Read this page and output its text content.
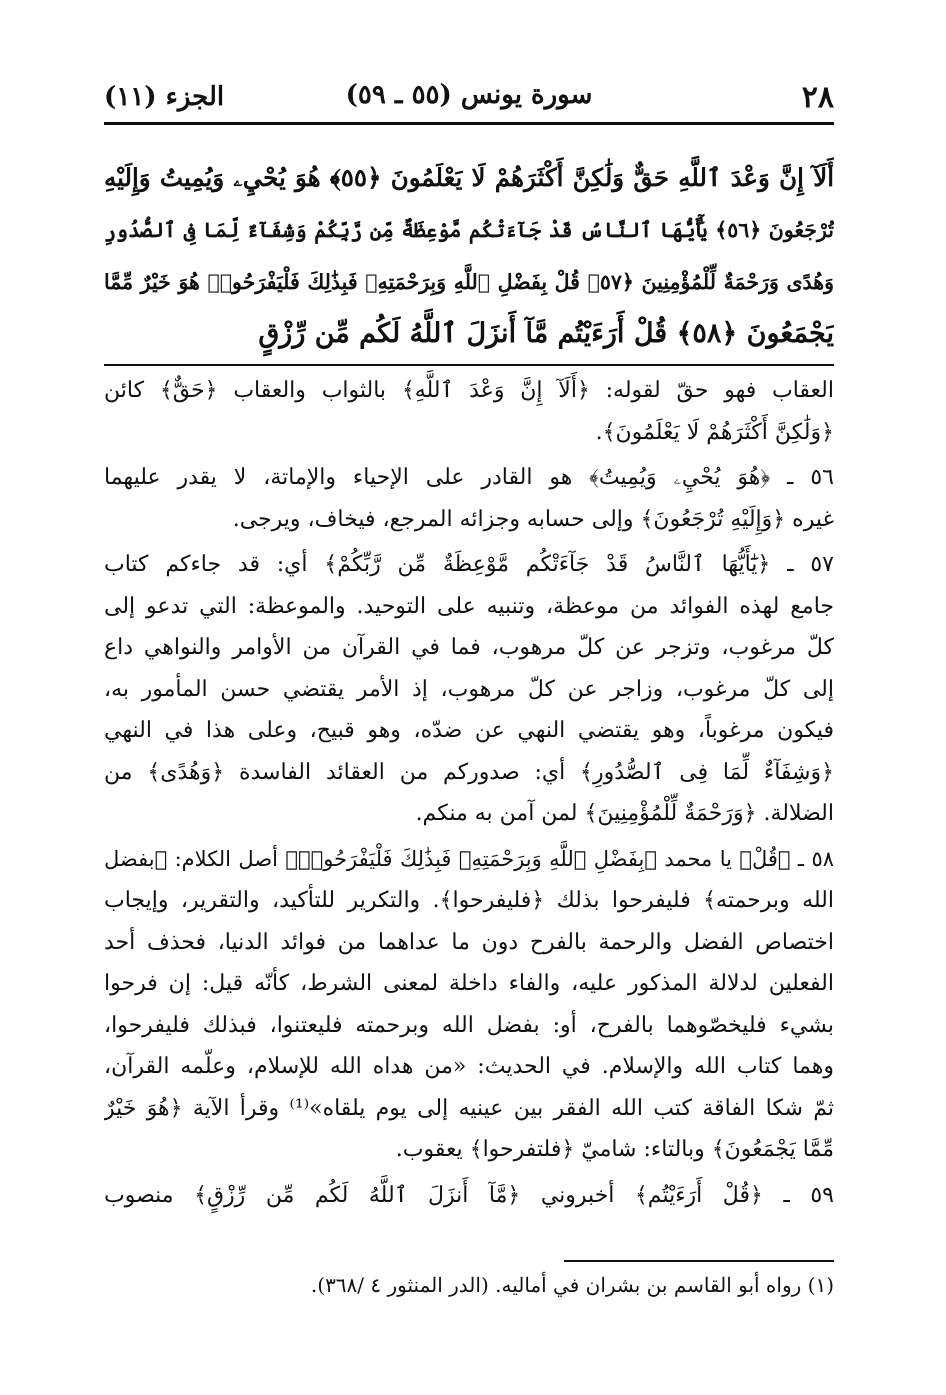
٢٨
سورة يونس (٥٥ ـ ٥٩)
الجزء (١١)
أَلَآ إِنَّ وَعْدَ ٱللَّهِ حَقٌّ وَلَٰكِنَّ أَكْثَرَهُمْ لَا يَعْلَمُونَ ﴿٥٥﴾ هُوَ يُحْيِۦ وَيُمِيتُ وَإِلَيْهِ
تُرْجَعُونَ ﴿٥٦﴾ يَٰٓأَيُّهَا ٱلنَّاسُ قَدْ جَآءَتْكُم مَّوْعِظَةٌ مِّن رَّبِّكُمْ وَشِفَآءٌ لِّمَا فِى ٱلصُّدُورِ
وَهُدًى وَرَحْمَةٌ لِّلْمُؤْمِنِينَ ﴿٥٧﴾ قُلْ بِفَضْلِ ٱللَّهِ وَبِرَحْمَتِهِۦ فَبِذَٰلِكَ فَلْيَفْرَحُوا۟ هُوَ خَيْرٌ مِّمَّا
يَجْمَعُونَ ﴿٥٨﴾ قُلْ أَرَءَيْتُم مَّآ أَنزَلَ ٱللَّهُ لَكُم مِّن رِّزْقٍ
العقاب فهو حقّ لقوله: ﴿أَلَآ إِنَّ وَعْدَ ٱللَّهِ﴾ بالثواب والعقاب ﴿حَقٌّ﴾ كائن
﴿وَلَٰكِنَّ أَكْثَرَهُمْ لَا يَعْلَمُونَ﴾.
٥٦ ـ ﴿هُوَ يُحْيِۦ وَيُمِيتُ﴾ هو القادر على الإحياء والإماتة، لا يقدر عليهما
غيره ﴿وَإِلَيْهِ تُرْجَعُونَ﴾ وإلى حسابه وجزائه المرجع، فيخاف، ويرجى.
٥٧ ـ ﴿يَٰٓأَيُّهَا ٱلنَّاسُ قَدْ جَآءَتْكُم مَّوْعِظَةٌ مِّن رَّبِّكُمْ﴾ أي: قد جاءكم كتاب
جامع لهذه الفوائد من موعظة، وتنبيه على التوحيد. والموعظة: التي تدعو إلى
كلّ مرغوب، وتزجر عن كلّ مرهوب، فما في القرآن من الأوامر والنواهي داع
إلى كلّ مرغوب، وزاجر عن كلّ مرهوب، إذ الأمر يقتضي حسن المأمور به،
فيكون مرغوباً، وهو يقتضي النهي عن ضدّه، وهو قبيح، وعلى هذا في النهي
﴿وَشِفَآءٌ لِّمَا فِى ٱلصُّدُورِ﴾ أي: صدوركم من العقائد الفاسدة ﴿وَهُدًى﴾ من
الضلالة. ﴿وَرَحْمَةٌ لِّلْمُؤْمِنِينَ﴾ لمن آمن به منكم.
٥٨ ـ ﴿قُلْ﴾ يا محمد ﴿بِفَضْلِ ٱللَّهِ وَبِرَحْمَتِهِۦ فَبِذَٰلِكَ فَلْيَفْرَحُوا۟﴾ أصل الكلام: ﴿بفضل
الله وبرحمته﴾ فليفرحوا بذلك ﴿فليفرحوا﴾. والتكرير للتأكيد، والتقرير، وإيجاب
اختصاص الفضل والرحمة بالفرح دون ما عداهما من فوائد الدنيا، فحذف أحد
الفعلين لدلالة المذكور عليه، والفاء داخلة لمعنى الشرط، كأنّه قيل: إن فرحوا
بشيء فليخصّوهما بالفرح، أو: بفضل الله وبرحمته فليعتنوا، فبذلك فليفرحوا،
وهما كتاب الله والإسلام. في الحديث: «من هداه الله للإسلام، وعلّمه القرآن،
ثمّ شكا الفاقة كتب الله الفقر بين عينيه إلى يوم يلقاه»⁽¹⁾ وقرأ الآية ﴿هُوَ خَيْرٌ
مِّمَّا يَجْمَعُونَ﴾ وبالتاء: شاميّ ﴿فلتفرحوا﴾ يعقوب.
٥٩ ـ ﴿قُلْ أَرَءَيْتُم﴾ أخبروني ﴿مَّآ أَنزَلَ ٱللَّهُ لَكُم مِّن رِّزْقٍ﴾ منصوب
(١) رواه أبو القاسم بن بشران في أماليه. (الدر المنثور ٤ /٣٦٨).
